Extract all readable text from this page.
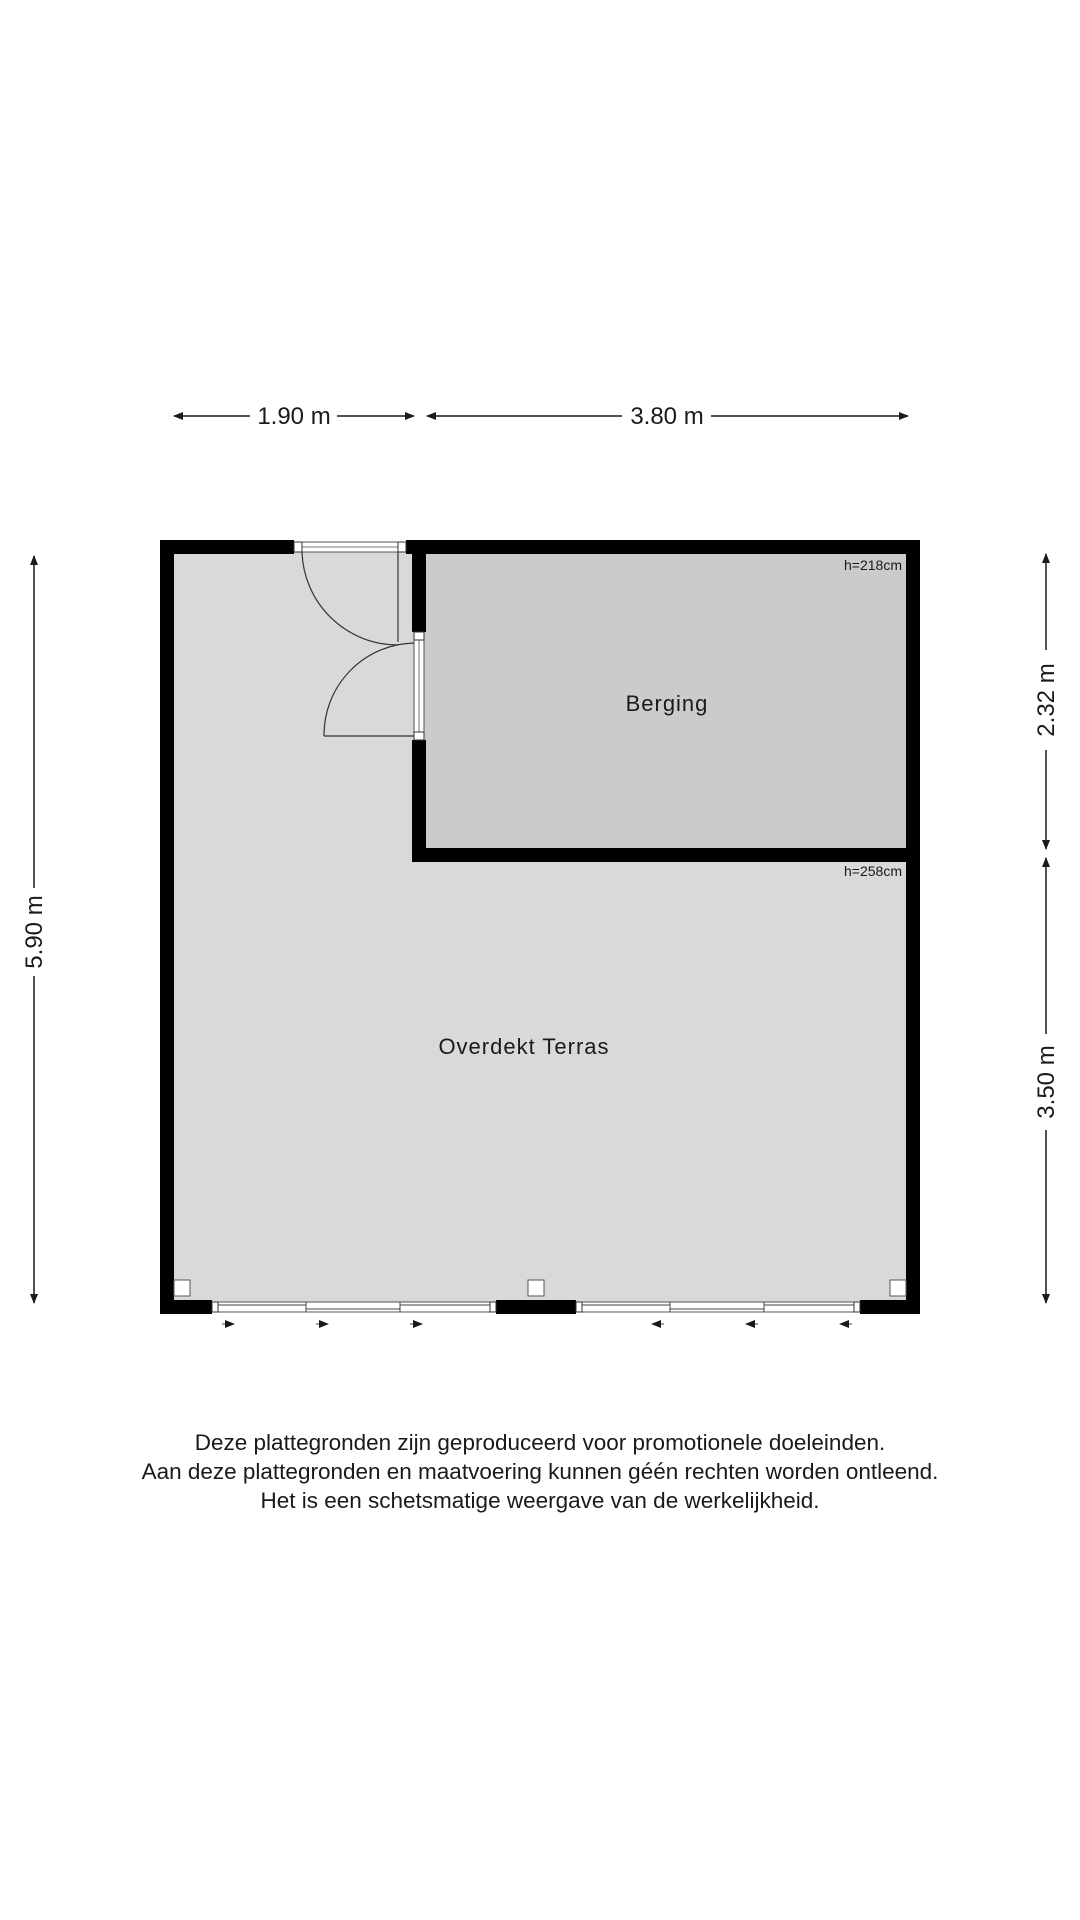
1.90 m	3.80 m
5.90 m
2.32 m
3.50 m
Berging
h=218cm
Overdekt Terras
h=258cm
Deze plattegronden zijn geproduceerd voor promotionele doeleinden.
Aan deze plattegronden en maatvoering kunnen géén rechten worden ontleend.
Het is een schetsmatige weergave van de werkelijkheid.
